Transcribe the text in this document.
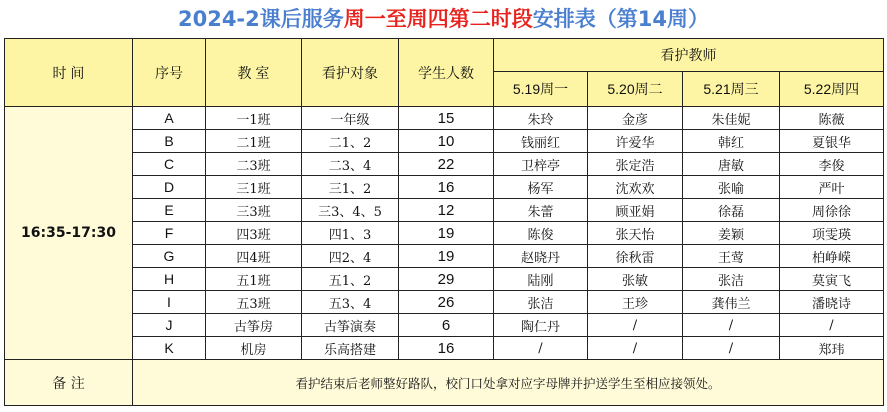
2024-2课后服务周一至周四第二时段安排表（第14周）
时 间	序号	教 室	看护对象	学生人数	看护教师			
					5.19周一	5.20周二	5.21周三	5.22周四
16:35-17:30	A	一1班	一年级	15	朱玲	金彦	朱佳妮	陈薇
	B	二1班	二1、2	10	钱丽红	许爱华	韩红	夏银华
	C	二3班	二3、4	22	卫梓亭	张定浩	唐敏	李俊
	D	三1班	三1、2	16	杨军	沈欢欢	张喻	严叶
	E	三3班	三3、4、5	12	朱蕾	顾亚娟	徐磊	周徐徐
	F	四3班	四1、3	19	陈俊	张天怡	姜颖	项雯瑛
	G	四4班	四2、4	19	赵晓丹	徐秋雷	王莺	柏峥嵘
	H	五1班	五1、2	29	陆刚	张敏	张洁	莫寅飞
	I	五3班	五3、4	26	张洁	王珍	龚伟兰	潘晓诗
	J	古筝房	古筝演奏	6	陶仁丹	/	/	/
	K	机房	乐高搭建	16	/	/	/	郑玮
备 注	看护结束后老师整好路队，校门口处拿对应字母牌并护送学生至相应接领处。							
